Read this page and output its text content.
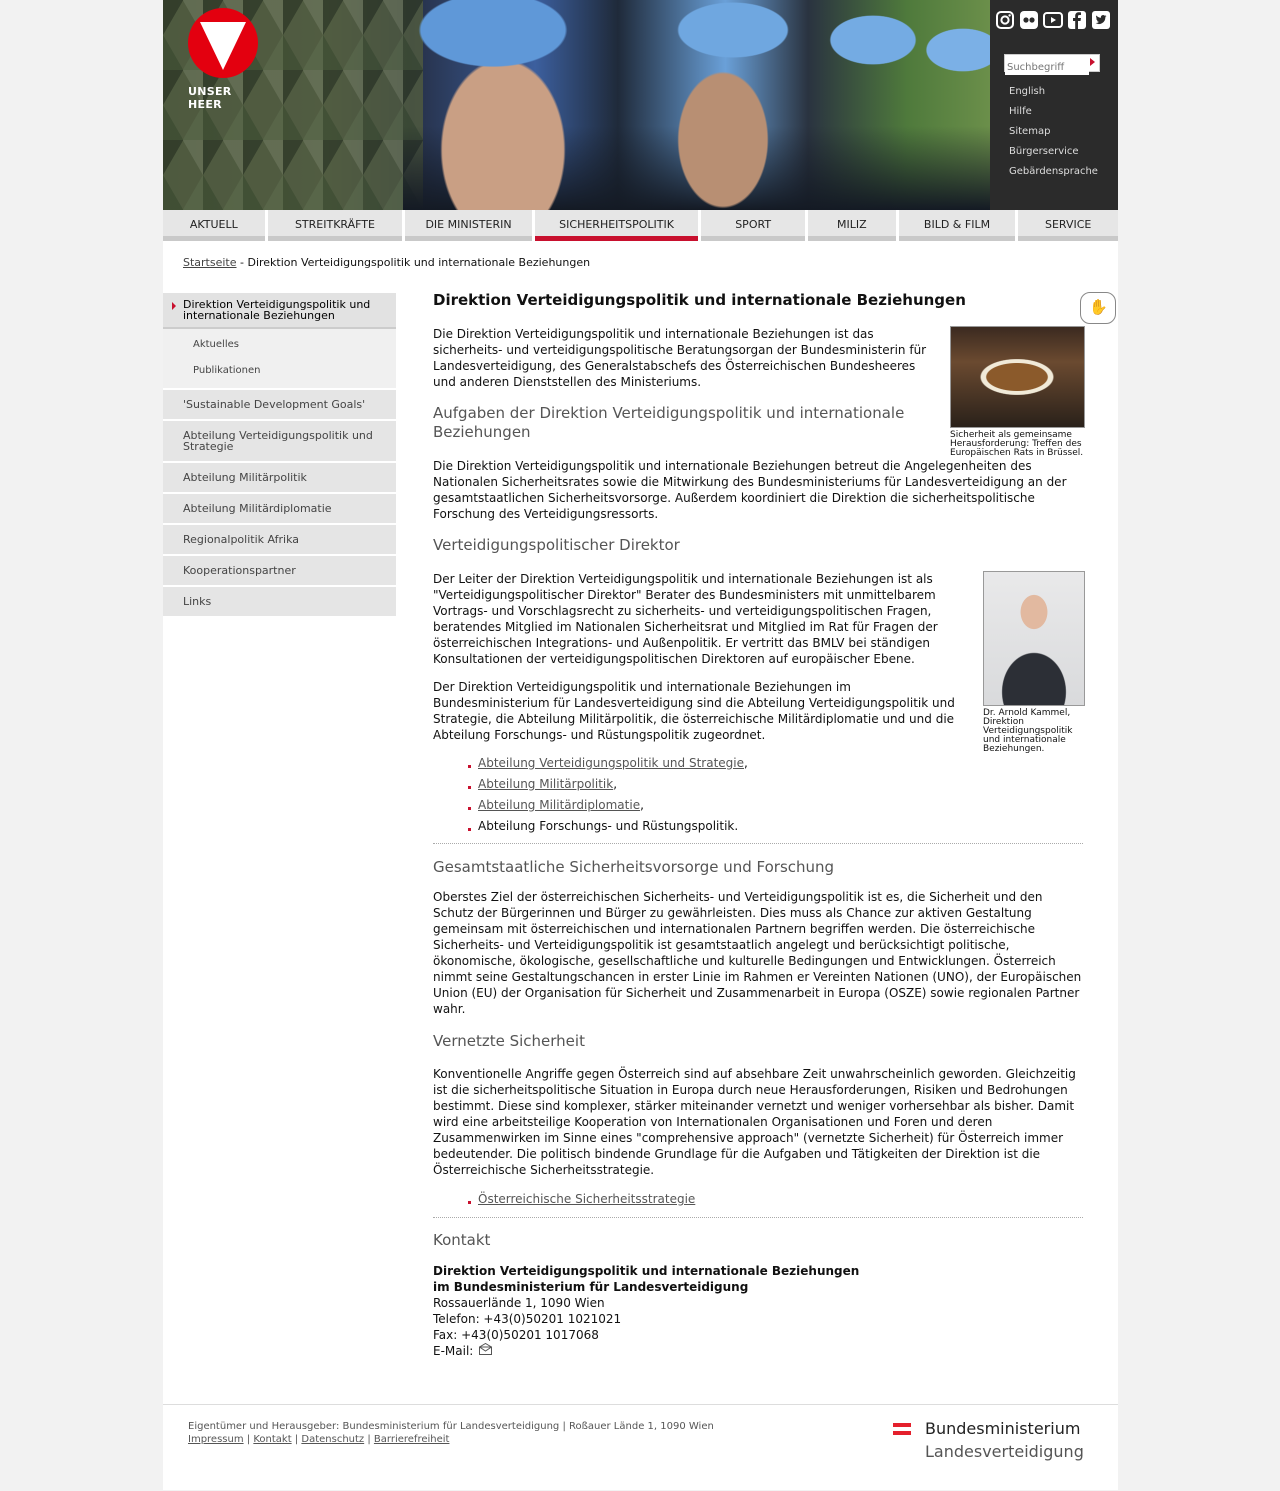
UNSER HEER
Suchbegriff
English
Hilfe
Sitemap
Bürgerservice
Gebärdensprache
AKTUELL	STREITKRÄFTE	DIE MINISTERIN	SICHERHEITSPOLITIK	SPORT	MILIZ	BILD & FILM	SERVICE
Startseite - Direktion Verteidigungspolitik und internationale Beziehungen
Direktion Verteidigungspolitik und internationale Beziehungen
Aktuelles
Publikationen
'Sustainable Development Goals'
Abteilung Verteidigungspolitik und Strategie
Abteilung Militärpolitik
Abteilung Militärdiplomatie
Regionalpolitik Afrika
Kooperationspartner
Links
✋
Direktion Verteidigungspolitik und internationale Beziehungen
Sicherheit als gemeinsame Herausforderung: Treffen des Europäischen Rats in Brüssel.

Die Direktion Verteidigungspolitik und internationale Beziehungen ist das sicherheits- und verteidigungspolitische Beratungsorgan der Bundesministerin für Landesverteidigung, des Generalstabschefs des Österreichischen Bundesheeres und anderen Dienststellen des Ministeriums.

Aufgaben der Direktion Verteidigungspolitik und internationale Beziehungen

Die Direktion Verteidigungspolitik und internationale Beziehungen betreut die Angelegenheiten des Nationalen Sicherheitsrates sowie die Mitwirkung des Bundesministeriums für Landesverteidigung an der gesamtstaatlichen Sicherheitsvorsorge. Außerdem koordiniert die Direktion die sicherheitspolitische Forschung des Verteidigungsressorts.

Verteidigungspolitischer Direktor
Dr. Arnold Kammel, Direktion Verteidigungspolitik und internationale Beziehungen.

Der Leiter der Direktion Verteidigungspolitik und internationale Beziehungen ist als "Verteidigungspolitischer Direktor" Berater des Bundesministers mit unmittelbarem Vortrags- und Vorschlagsrecht zu sicherheits- und verteidigungspolitischen Fragen, beratendes Mitglied im Nationalen Sicherheitsrat und Mitglied im Rat für Fragen der österreichischen Integrations- und Außenpolitik. Er vertritt das BMLV bei ständigen Konsultationen der verteidigungspolitischen Direktoren auf europäischer Ebene.

Der Direktion Verteidigungspolitik und internationale Beziehungen im Bundesministerium für Landesverteidigung sind die Abteilung Verteidigungspolitik und Strategie, die Abteilung Militärpolitik, die österreichische Militärdiplomatie und und die Abteilung Forschungs- und Rüstungspolitik zugeordnet.

Abteilung Verteidigungspolitik und Strategie,
Abteilung Militärpolitik,
Abteilung Militärdiplomatie,
Abteilung Forschungs- und Rüstungspolitik.
Gesamtstaatliche Sicherheitsvorsorge und Forschung

Oberstes Ziel der österreichischen Sicherheits- und Verteidigungspolitik ist es, die Sicherheit und den Schutz der Bürgerinnen und Bürger zu gewährleisten. Dies muss als Chance zur aktiven Gestaltung gemeinsam mit österreichischen und internationalen Partnern begriffen werden. Die österreichische Sicherheits- und Verteidigungspolitik ist gesamtstaatlich angelegt und berücksichtigt politische, ökonomische, ökologische, gesellschaftliche und kulturelle Bedingungen und Entwicklungen. Österreich nimmt seine Gestaltungschancen in erster Linie im Rahmen er Vereinten Nationen (UNO), der Europäischen Union (EU) der Organisation für Sicherheit und Zusammenarbeit in Europa (OSZE) sowie regionalen Partner wahr.

Vernetzte Sicherheit

Konventionelle Angriffe gegen Österreich sind auf absehbare Zeit unwahrscheinlich geworden. Gleichzeitig ist die sicherheitspolitische Situation in Europa durch neue Herausforderungen, Risiken und Bedrohungen bestimmt. Diese sind komplexer, stärker miteinander vernetzt und weniger vorhersehbar als bisher. Damit wird eine arbeitsteilige Kooperation von Internationalen Organisationen und Foren und deren Zusammenwirken im Sinne eines "comprehensive approach" (vernetzte Sicherheit) für Österreich immer bedeutender. Die politisch bindende Grundlage für die Aufgaben und Tätigkeiten der Direktion ist die Österreichische Sicherheitsstrategie.

Österreichische Sicherheitsstrategie
Kontakt
Direktion Verteidigungspolitik und internationale Beziehungen
im Bundesministerium für Landesverteidigung
Rossauerlände 1, 1090 Wien
Telefon: +43(0)50201 1021021
Fax: +43(0)50201 1017068
E-Mail:
Eigentümer und Herausgeber: Bundesministerium für Landesverteidigung | Roßauer Lände 1, 1090 Wien
Impressum | Kontakt | Datenschutz | Barrierefreiheit
Bundesministerium
Landesverteidigung
